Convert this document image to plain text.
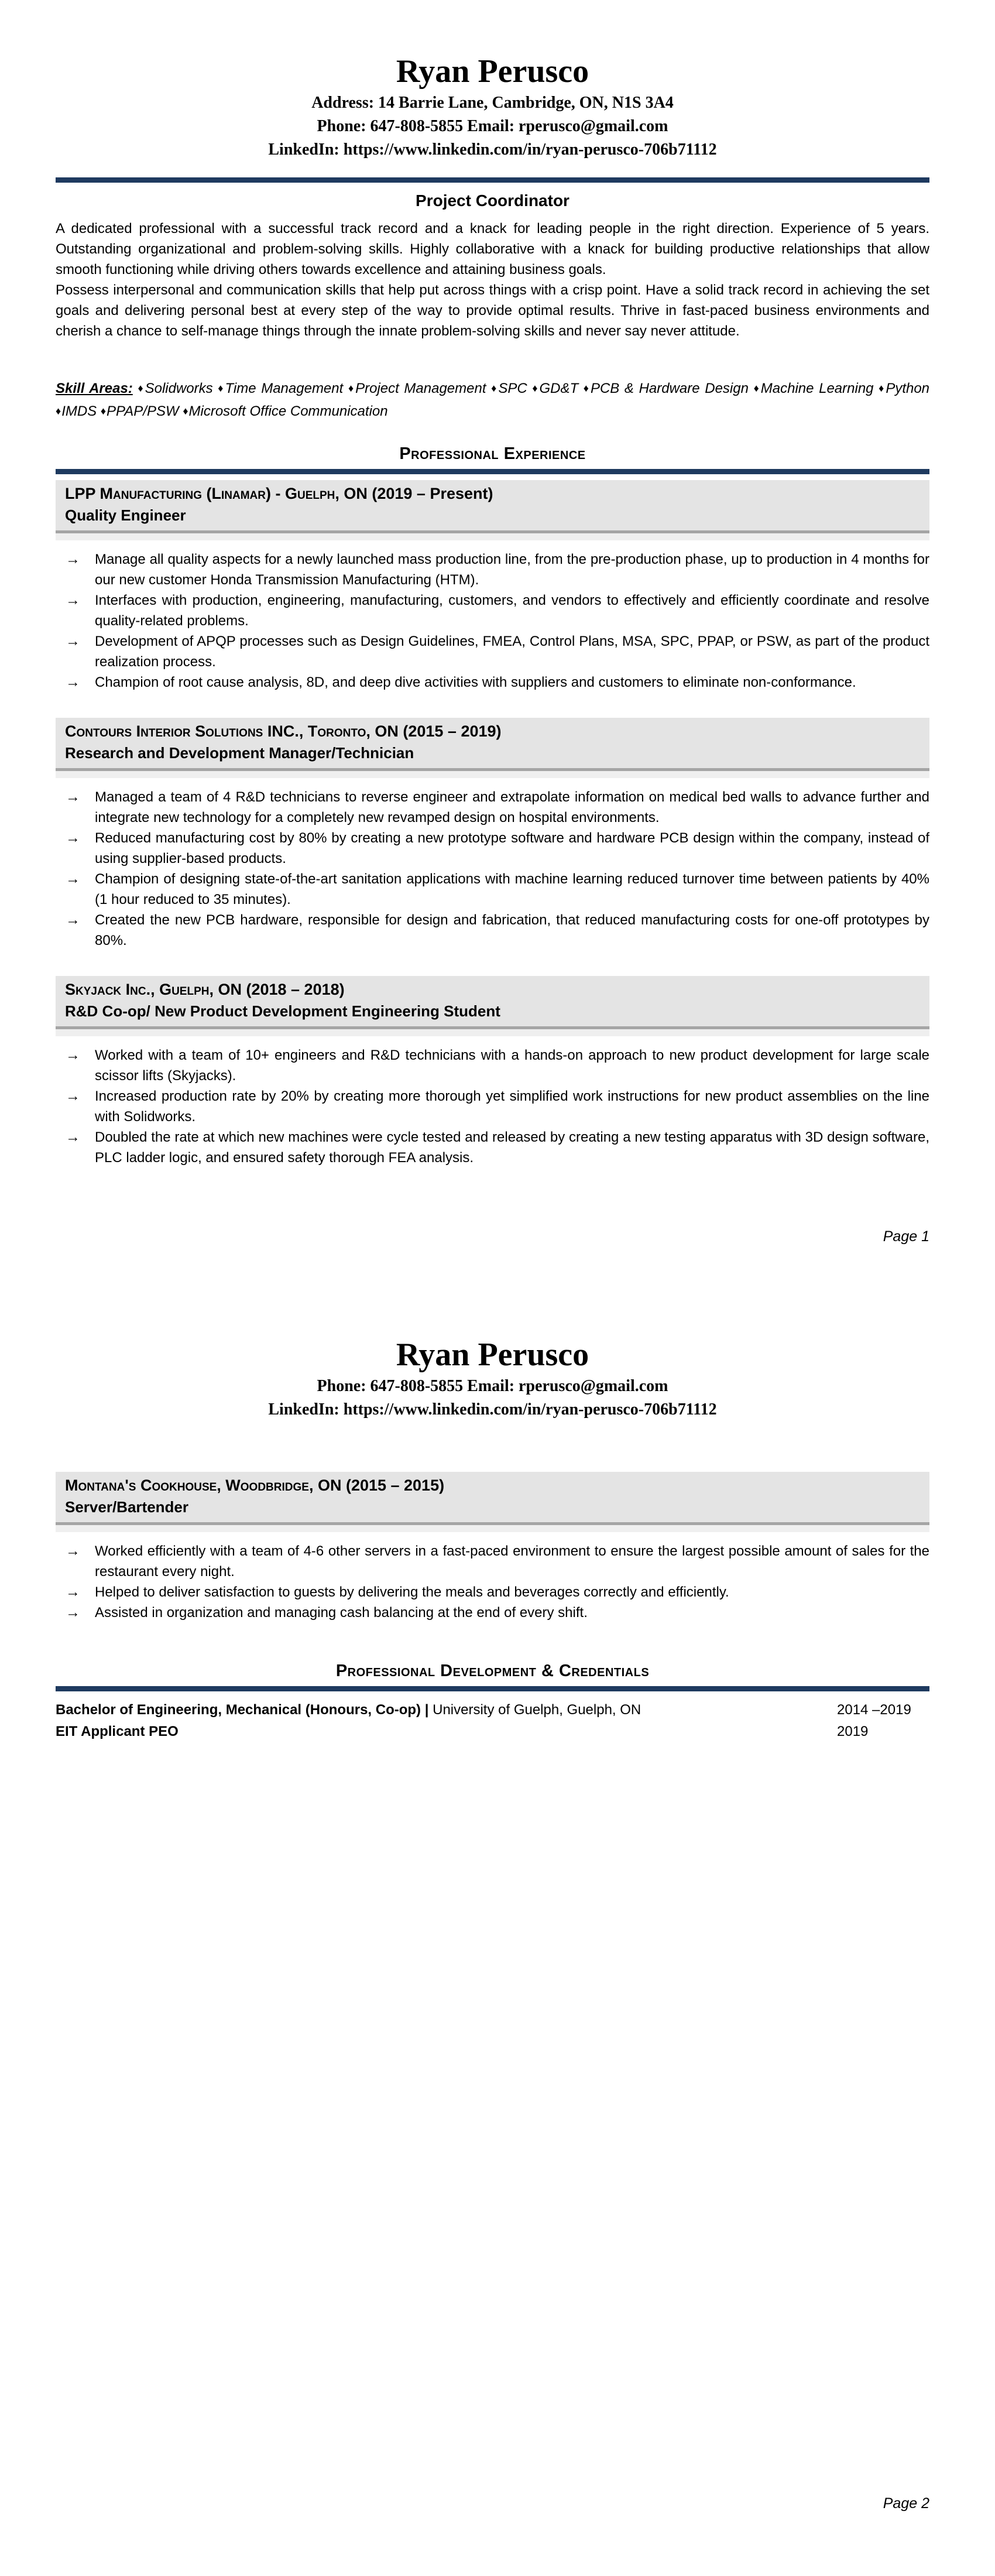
Ryan Perusco
Address: 14 Barrie Lane, Cambridge, ON, N1S 3A4
Phone: 647-808-5855 Email: rperusco@gmail.com
LinkedIn: https://www.linkedin.com/in/ryan-perusco-706b71112
Project Coordinator

A dedicated professional with a successful track record and a knack for leading people in the right direction. Experience of 5 years. Outstanding organizational and problem-solving skills. Highly collaborative with a knack for building productive relationships that allow smooth functioning while driving others towards excellence and attaining business goals.

Possess interpersonal and communication skills that help put across things with a crisp point. Have a solid track record in achieving the set goals and delivering personal best at every step of the way to provide optimal results. Thrive in fast-paced business environments and cherish a chance to self-manage things through the innate problem-solving skills and never say never attitude.

Skill Areas: ♦Solidworks ♦Time Management ♦Project Management ♦SPC ♦GD&T ♦PCB & Hardware Design ♦Machine Learning ♦Python ♦IMDS ♦PPAP/PSW ♦Microsoft Office Communication

Professional Experience
LPP Manufacturing (Linamar) - Guelph, ON (2019 – Present)
Quality Engineer
→	Manage all quality aspects for a newly launched mass production line, from the pre-production phase, up to production in 4 months for our new customer Honda Transmission Manufacturing (HTM).
→	Interfaces with production, engineering, manufacturing, customers, and vendors to effectively and efficiently coordinate and resolve quality-related problems.
→	Development of APQP processes such as Design Guidelines, FMEA, Control Plans, MSA, SPC, PPAP, or PSW, as part of the product realization process.
→	Champion of root cause analysis, 8D, and deep dive activities with suppliers and customers to eliminate non-conformance.
Contours Interior Solutions INC., Toronto, ON (2015 – 2019)
Research and Development Manager/Technician
→	Managed a team of 4 R&D technicians to reverse engineer and extrapolate information on medical bed walls to advance further and integrate new technology for a completely new revamped design on hospital environments.
→	Reduced manufacturing cost by 80% by creating a new prototype software and hardware PCB design within the company, instead of using supplier-based products.
→	Champion of designing state-of-the-art sanitation applications with machine learning reduced turnover time between patients by 40% (1 hour reduced to 35 minutes).
→	Created the new PCB hardware, responsible for design and fabrication, that reduced manufacturing costs for one-off prototypes by 80%.
Skyjack Inc., Guelph, ON (2018 – 2018)
R&D Co-op/ New Product Development Engineering Student
→	Worked with a team of 10+ engineers and R&D technicians with a hands-on approach to new product development for large scale scissor lifts (Skyjacks).
→	Increased production rate by 20% by creating more thorough yet simplified work instructions for new product assemblies on the line with Solidworks.
→	Doubled the rate at which new machines were cycle tested and released by creating a new testing apparatus with 3D design software, PLC ladder logic, and ensured safety thorough FEA analysis.
Page 1
Ryan Perusco
Phone: 647-808-5855 Email: rperusco@gmail.com
LinkedIn: https://www.linkedin.com/in/ryan-perusco-706b71112
Montana's Cookhouse, Woodbridge, ON (2015 – 2015)
Server/Bartender
→	Worked efficiently with a team of 4-6 other servers in a fast-paced environment to ensure the largest possible amount of sales for the restaurant every night.
→	Helped to deliver satisfaction to guests by delivering the meals and beverages correctly and efficiently.
→	Assisted in organization and managing cash balancing at the end of every shift.
Professional Development & Credentials
Bachelor of Engineering, Mechanical (Honours, Co-op) | University of Guelph, Guelph, ON	2014 –2019
EIT Applicant PEO	2019
Page 2
